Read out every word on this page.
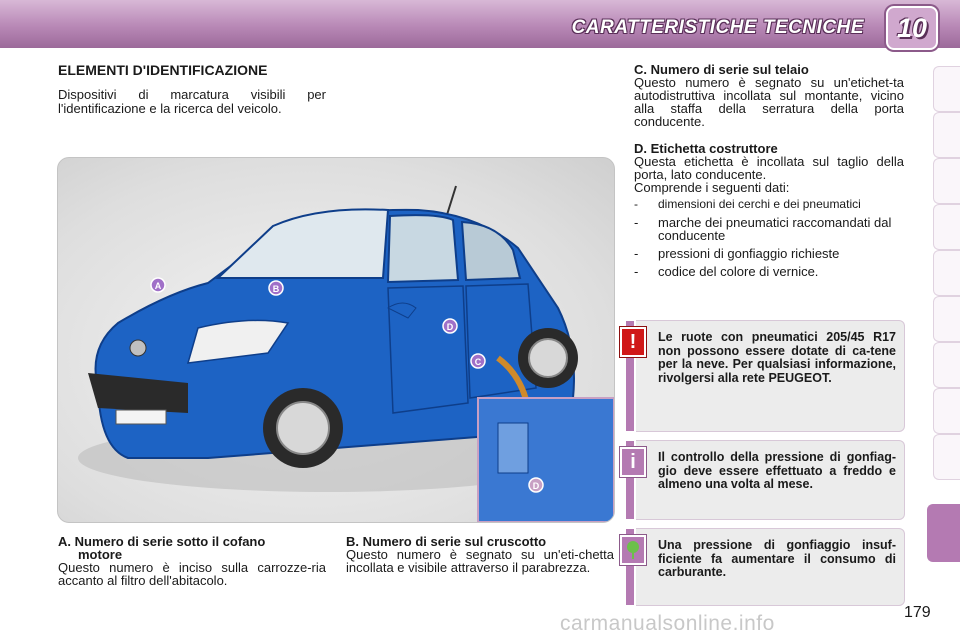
CARATTERISTICHE TECNICHE	10
ELEMENTI D'IDENTIFICAZIONE

Dispositivi di marcatura visibili per l'identificazione e la ricerca del veicolo.

A	B
C
D
D
C. Numero di serie sul telaio

Questo numero è segnato su un'etichet-ta autodistruttiva incollata sul montante, vicino alla staffa della serratura della porta conducente.

D. Etichetta costruttore

Questa etichetta è incollata sul taglio della porta, lato conducente.

Comprende i seguenti dati:

- dimensioni dei cerchi e dei pneumatici
- marche dei pneumatici raccomandati dal conducente
- pressioni di gonfiaggio richieste
- codice del colore di vernice.
A. Numero di serie sotto il cofano
motore

Questo numero è inciso sulla carrozze-ria accanto al filtro dell'abitacolo.

B. Numero di serie sul cruscotto

Questo numero è segnato su un'eti-chetta incollata e visibile attraverso il parabrezza.

!	Le ruote con pneumatici 205/45 R17 non possono essere dotate di ca-tene per la neve. Per qualsiasi informazione, rivolgersi alla rete PEUGEOT.

i	Il controllo della pressione di gonfiag-gio deve essere effettuato a freddo e almeno una volta al mese.

Una pressione di gonfiaggio insuf-ficiente fa aumentare il consumo di carburante.

179
carmanualsonline.info
